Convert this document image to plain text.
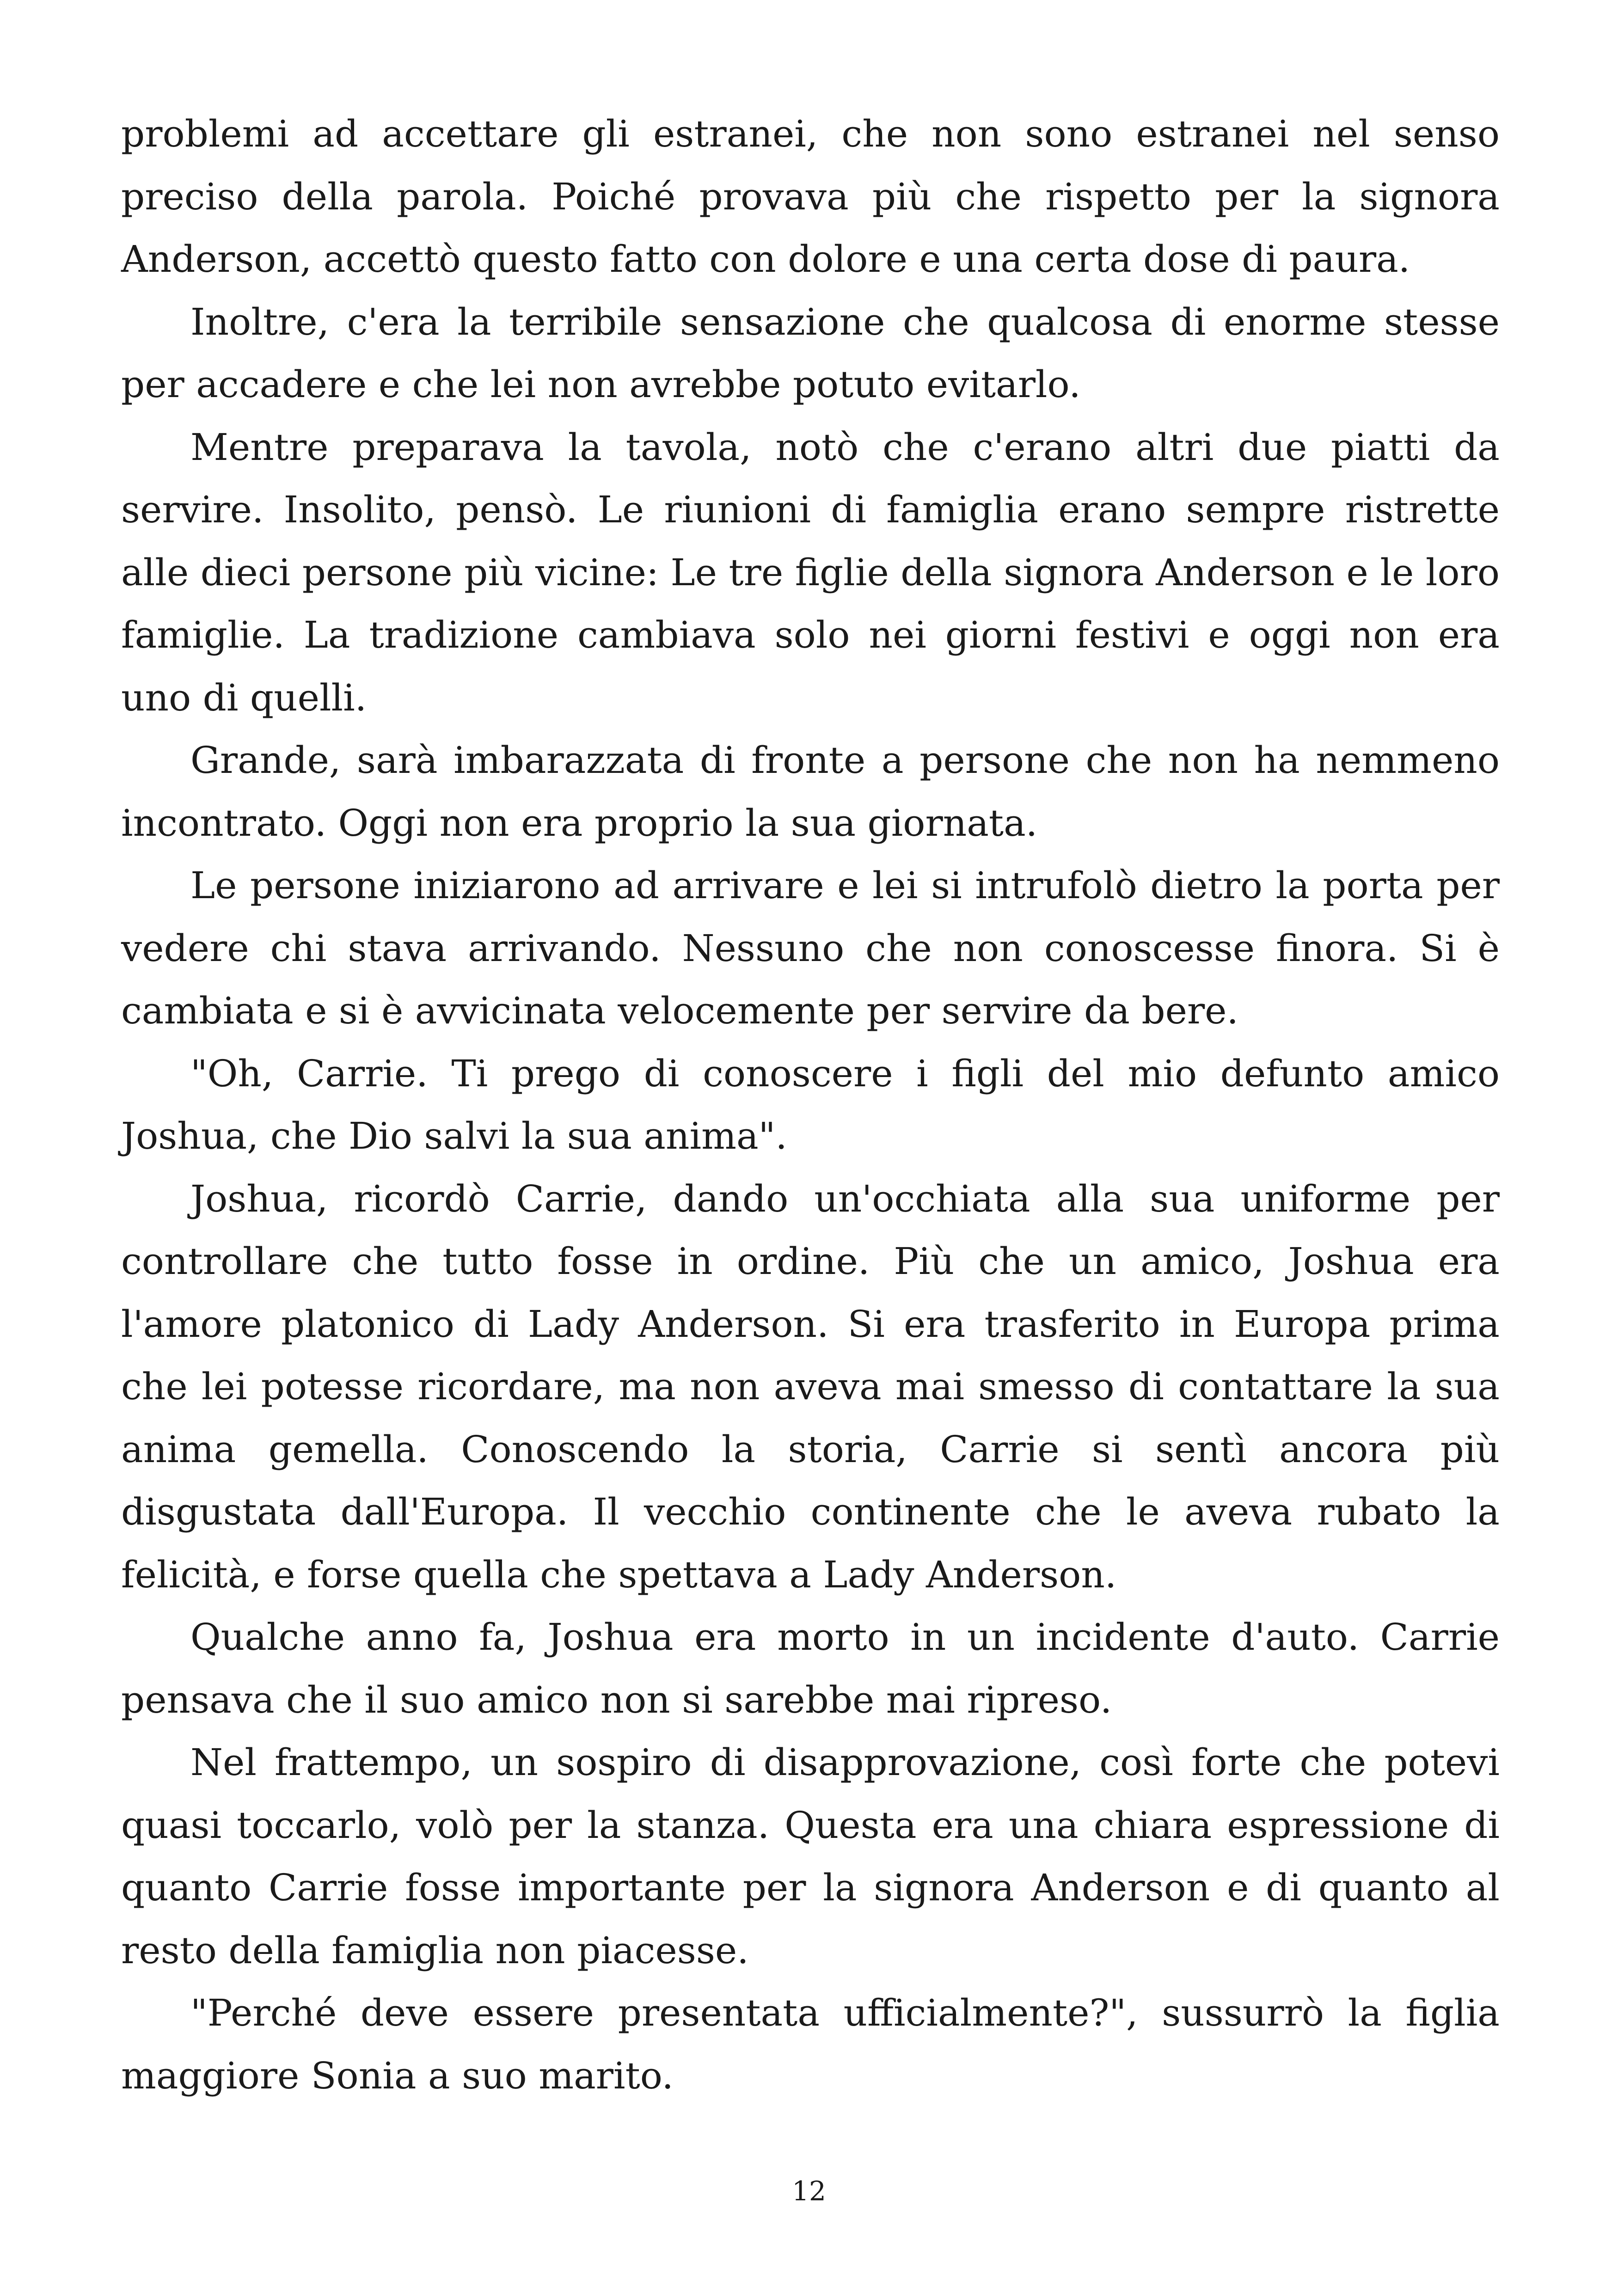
problemi ad accettare gli estranei, che non sono estranei nel senso preciso della parola. Poiché provava più che rispetto per la signora Anderson, accettò questo fatto con dolore e una certa dose di paura.

Inoltre, c'era la terribile sensazione che qualcosa di enorme stesse per accadere e che lei non avrebbe potuto evitarlo.

Mentre preparava la tavola, notò che c'erano altri due piatti da servire. Insolito, pensò. Le riunioni di famiglia erano sempre ristrette alle dieci persone più vicine: Le tre figlie della signora Anderson e le loro famiglie. La tradizione cambiava solo nei giorni festivi e oggi non era uno di quelli.

Grande, sarà imbarazzata di fronte a persone che non ha nemmeno incontrato. Oggi non era proprio la sua giornata.

Le persone iniziarono ad arrivare e lei si intrufolò dietro la porta per vedere chi stava arrivando. Nessuno che non conoscesse finora. Si è cambiata e si è avvicinata velocemente per servire da bere.

"Oh, Carrie. Ti prego di conoscere i figli del mio defunto amico Joshua, che Dio salvi la sua anima".

Joshua, ricordò Carrie, dando un'occhiata alla sua uniforme per controllare che tutto fosse in ordine. Più che un amico, Joshua era l'amore platonico di Lady Anderson. Si era trasferito in Europa prima che lei potesse ricordare, ma non aveva mai smesso di contattare la sua anima gemella. Conoscendo la storia, Carrie si sentì ancora più disgustata dall'Europa. Il vecchio continente che le aveva rubato la felicità, e forse quella che spettava a Lady Anderson.

Qualche anno fa, Joshua era morto in un incidente d'auto. Carrie pensava che il suo amico non si sarebbe mai ripreso.

Nel frattempo, un sospiro di disapprovazione, così forte che potevi quasi toccarlo, volò per la stanza. Questa era una chiara espressione di quanto Carrie fosse importante per la signora Anderson e di quanto al resto della famiglia non piacesse.

"Perché deve essere presentata ufficialmente?", sussurrò la figlia maggiore Sonia a suo marito.

12
